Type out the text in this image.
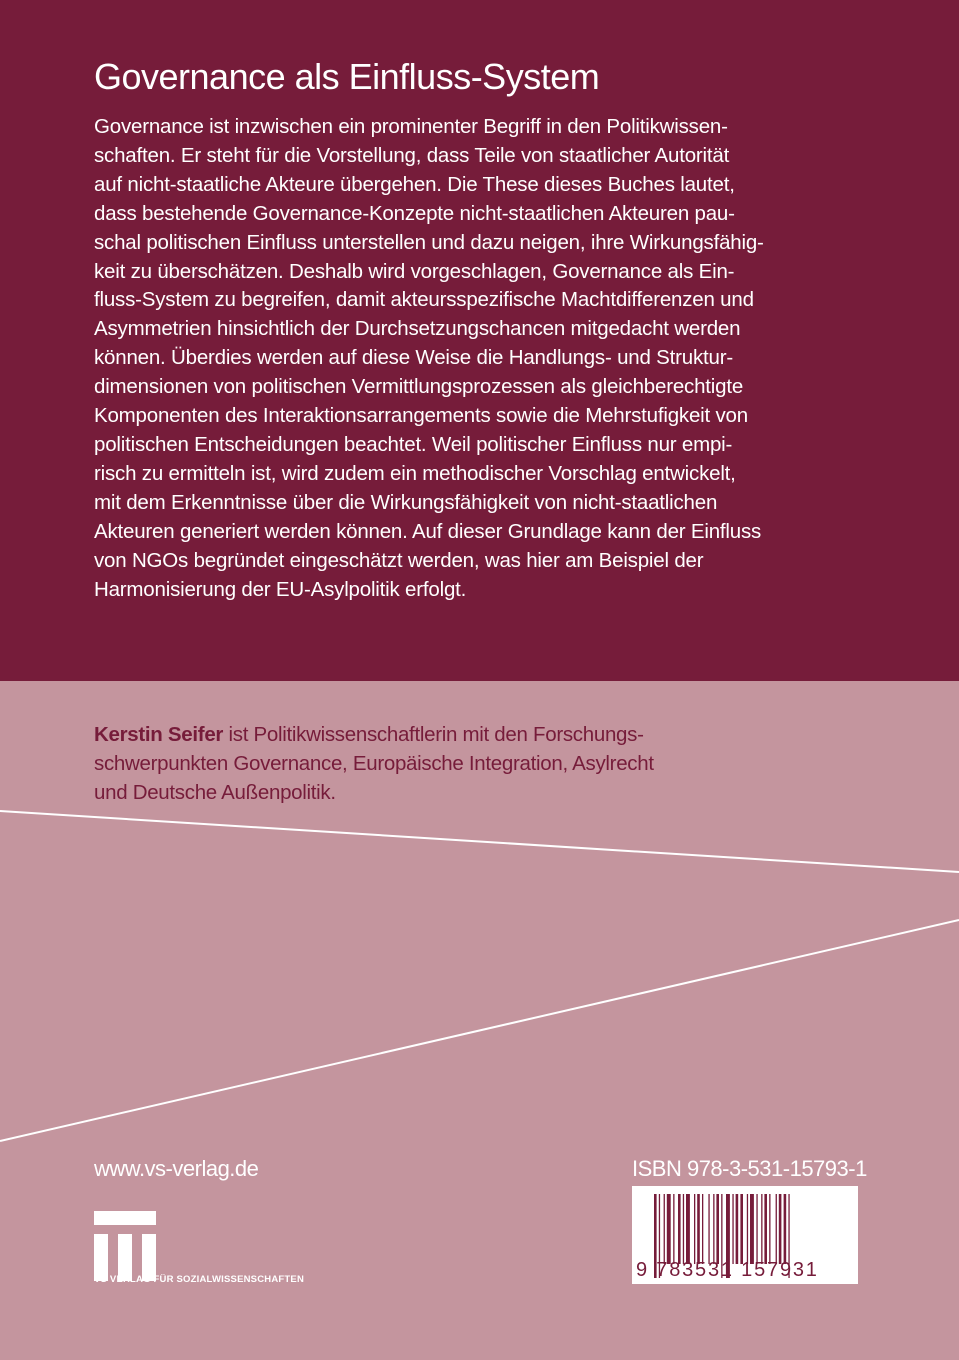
Governance als Einfluss-System
Governance ist inzwischen ein prominenter Begriff in den Politikwissen-
schaften. Er steht für die Vorstellung, dass Teile von staatlicher Autorität
auf nicht-staatliche Akteure übergehen. Die These dieses Buches lautet,
dass bestehende Governance-Konzepte nicht-staatlichen Akteuren pau-
schal politischen Einfluss unterstellen und dazu neigen, ihre Wirkungsfähig-
keit zu überschätzen. Deshalb wird vorgeschlagen, Governance als Ein-
fluss-System zu begreifen, damit akteursspezifische Machtdifferenzen und
Asymmetrien hinsichtlich der Durchsetzungschancen mitgedacht werden
können. Überdies werden auf diese Weise die Handlungs- und Struktur-
dimensionen von politischen Vermittlungsprozessen als gleichberechtigte
Komponenten des Interaktionsarrangements sowie die Mehrstufigkeit von
politischen Entscheidungen beachtet. Weil politischer Einfluss nur empi-
risch zu ermitteln ist, wird zudem ein methodischer Vorschlag entwickelt,
mit dem Erkenntnisse über die Wirkungsfähigkeit von nicht-staatlichen
Akteuren generiert werden können. Auf dieser Grundlage kann der Einfluss
von NGOs begründet eingeschätzt werden, was hier am Beispiel der
Harmonisierung der EU-Asylpolitik erfolgt.
Kerstin Seifer ist Politikwissenschaftlerin mit den Forschungs-
schwerpunkten Governance, Europäische Integration, Asylrecht
und Deutsche Außenpolitik.
www.vs-verlag.de
VS VERLAG FÜR SOZIALWISSENSCHAFTEN
ISBN 978-3-531-15793-1
9 783531 157931
